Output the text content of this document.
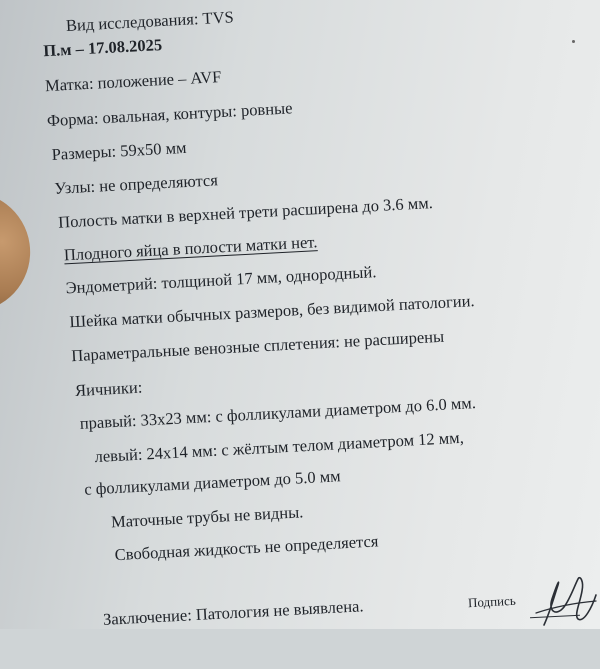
Вид исследования: TVS
П.м – 17.08.2025
Матка: положение – AVF
Форма: овальная, контуры: ровные
Размеры: 59х50 мм
Узлы: не определяются
Полость матки в верхней трети расширена до 3.6 мм.
Плодного яйца в полости матки нет.
Эндометрий: толщиной 17 мм, однородный.
Шейка матки обычных размеров, без видимой патологии.
Параметральные венозные сплетения: не расширены
Яичники:
правый: 33х23 мм: с фолликулами диаметром до 6.0 мм.
левый: 24х14 мм: с жёлтым телом диаметром 12 мм,
с фолликулами диаметром до 5.0 мм
Маточные трубы не видны.
Свободная жидкость не определяется
Заключение: Патология не выявлена.	Подпись
